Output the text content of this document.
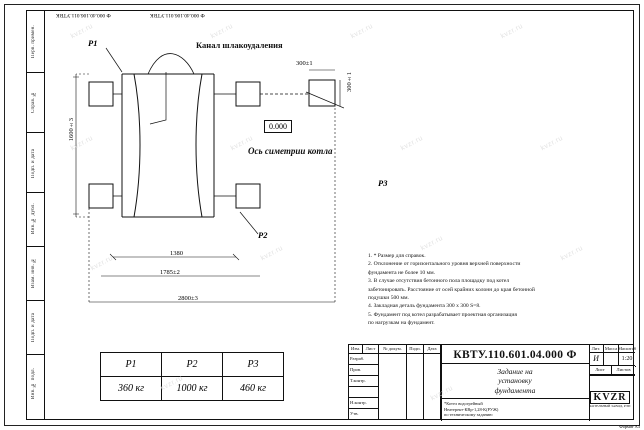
Ф 000.40.106.011.УТВК	Ф 000.40.106.011.УТВК
Перв. примен.
Справ. №
Подп. и дата
Инв. № дубл.
Взам. инв. №
Подп. и дата
Инв. № подл.
Р1
Р2
Р3
Канал шлакоудаления
Ось симетрии котла
0.000
1600±3
300±1
300±1
1380
1785±2
2800±3
1. * Размер для справок.
2. Отклонение от горизонтального уровня верхней поверхности
фундамента не более 10 мм.
3. В случае отсутствия бетонного пола площадку под котел
забетонировать. Расстояние от осей крайних колонн до края бетонной
подушки 500 мм.
4. Закладная деталь фундамента 300 х 300 S=8.
5. Фундамент под котел разрабатывает проектная организация
по нагрузкам на фундамент.
Р1	Р2	Р3
360 кг	1000 кг	460 кг
Изм.	Лист	№ докум.	Подп.	Дата
Разраб.
Пров.
Т.контр.
Н.контр.
Утв.
КВТУ.110.601.04.000 Ф
Задание на
установку
фундамента
*Котел водогрейный
Неатерект-КВр-1,28-К(РУЖ)
по техническому заданию
Лит.	Масса Масштаб
И	1:20
Лист	Листов
KVZR
КОТЕЛЬНЫЙ ЗАВОД, РЭП
Формат А3
kvzr.ru	kvzr.ru	kvzr.ru	kvzr.ru
kvzr.ru	kvzr.ru	kvzr.ru	kvzr.ru
kvzr.ru
kvzr.ru
kvzr.ru
kvzr.ru
kvzr.ru
kvzr.ru
